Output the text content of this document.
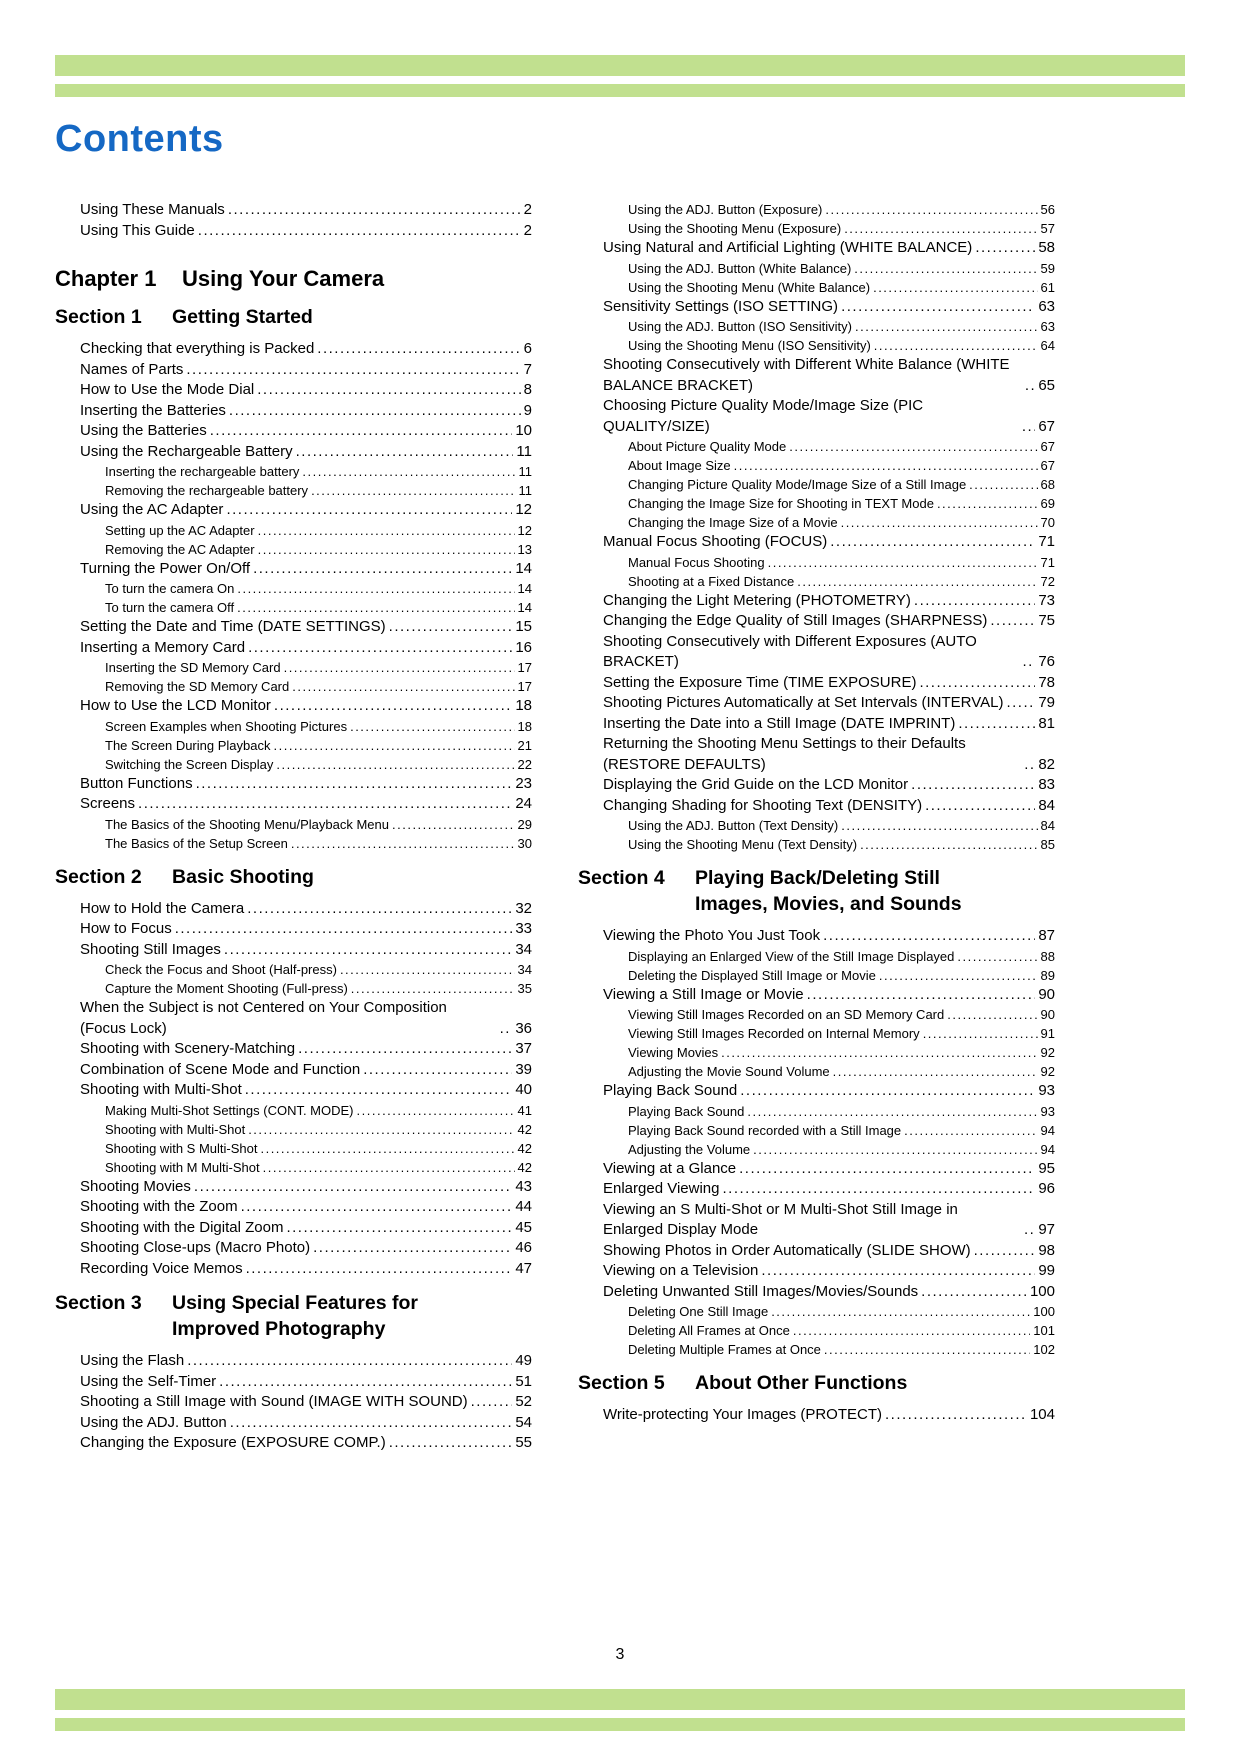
Contents
Using These Manuals .....	2
Using This Guide .....	2
Chapter 1	Using Your Camera
Section 1	Getting Started
Checking that everything is Packed .....	6
Names of Parts .....	7
How to Use the Mode Dial .....	8
Inserting the Batteries .....	9
Using the Batteries .....	10
Using the Rechargeable Battery .....	11
Inserting the rechargeable battery .....	11
Removing the rechargeable battery .....	11
Using the AC Adapter .....	12
Setting up the AC Adapter .....	12
Removing the AC Adapter .....	13
Turning the Power On/Off .....	14
To turn the camera On .....	14
To turn the camera Off .....	14
Setting the Date and Time (DATE SETTINGS) .....	15
Inserting a Memory Card .....	16
Inserting the SD Memory Card .....	17
Removing the SD Memory Card .....	17
How to Use the LCD Monitor .....	18
Screen Examples when Shooting Pictures .....	18
The Screen During Playback .....	21
Switching the Screen Display .....	22
Button Functions .....	23
Screens .....	24
The Basics of the Shooting Menu/Playback Menu .....	29
The Basics of the Setup Screen .....	30
Section 2	Basic Shooting
How to Hold the Camera .....	32
How to Focus .....	33
Shooting Still Images .....	34
Check the Focus and Shoot (Half-press) .....	34
Capture the Moment Shooting (Full-press) .....	35
When the Subject is not Centered on Your Composition (Focus Lock) .....	36
Shooting with Scenery-Matching .....	37
Combination of Scene Mode and Function .....	39
Shooting with Multi-Shot .....	40
Making Multi-Shot Settings (CONT. MODE) .....	41
Shooting with Multi-Shot .....	42
Shooting with S Multi-Shot .....	42
Shooting with M Multi-Shot .....	42
Shooting Movies .....	43
Shooting with the Zoom .....	44
Shooting with the Digital Zoom .....	45
Shooting Close-ups (Macro Photo) .....	46
Recording Voice Memos .....	47
Section 3	Using Special Features for Improved Photography
Using the Flash .....	49
Using the Self-Timer .....	51
Shooting a Still Image with Sound (IMAGE WITH SOUND) .....	52
Using the ADJ. Button .....	54
Changing the Exposure (EXPOSURE COMP.) .....	55
Using the ADJ. Button (Exposure) .....	56
Using the Shooting Menu (Exposure) .....	57
Using Natural and Artificial Lighting (WHITE BALANCE) .....	58
Using the ADJ. Button (White Balance) .....	59
Using the Shooting Menu (White Balance) .....	61
Sensitivity Settings (ISO SETTING) .....	63
Using the ADJ. Button (ISO Sensitivity) .....	63
Using the Shooting Menu (ISO Sensitivity) .....	64
Shooting Consecutively with Different White Balance (WHITE BALANCE BRACKET) .....	65
Choosing Picture Quality Mode/Image Size (PIC QUALITY/SIZE) .....	67
About Picture Quality Mode .....	67
About Image Size .....	67
Changing Picture Quality Mode/Image Size of a Still Image .....	68
Changing the Image Size for Shooting in TEXT Mode .....	69
Changing the Image Size of a Movie .....	70
Manual Focus Shooting (FOCUS) .....	71
Manual Focus Shooting .....	71
Shooting at a Fixed Distance .....	72
Changing the Light Metering (PHOTOMETRY) .....	73
Changing the Edge Quality of Still Images (SHARPNESS) .....	75
Shooting Consecutively with Different Exposures (AUTO BRACKET) .....	76
Setting the Exposure Time (TIME EXPOSURE) .....	78
Shooting Pictures Automatically at Set Intervals (INTERVAL) ..... 79
Inserting the Date into a Still Image (DATE IMPRINT) .....	81
Returning the Shooting Menu Settings to their Defaults (RESTORE DEFAULTS) .....	82
Displaying the Grid Guide on the LCD Monitor .....	83
Changing Shading for Shooting Text (DENSITY) .....	84
Using the ADJ. Button (Text Density) .....	84
Using the Shooting Menu (Text Density) .....	85
Section 4	Playing Back/Deleting Still Images, Movies, and Sounds
Viewing the Photo You Just Took .....	87
Displaying an Enlarged View of the Still Image Displayed .....	88
Deleting the Displayed Still Image or Movie .....	89
Viewing a Still Image or Movie .....	90
Viewing Still Images Recorded on an SD Memory Card .....	90
Viewing Still Images Recorded on Internal Memory .....	91
Viewing Movies .....	92
Adjusting the Movie Sound Volume .....	92
Playing Back Sound .....	93
Playing Back Sound .....	93
Playing Back Sound recorded with a Still Image .....	94
Adjusting the Volume .....	94
Viewing at a Glance .....	95
Enlarged Viewing .....	96
Viewing an S Multi-Shot or M Multi-Shot Still Image in Enlarged Display Mode .....	97
Showing Photos in Order Automatically (SLIDE SHOW) .....	98
Viewing on a Television .....	99
Deleting Unwanted Still Images/Movies/Sounds .....	100
Deleting One Still Image .....	100
Deleting All Frames at Once .....	101
Deleting Multiple Frames at Once .....	102
Section 5	About Other Functions
Write-protecting Your Images (PROTECT) .....	104
3
